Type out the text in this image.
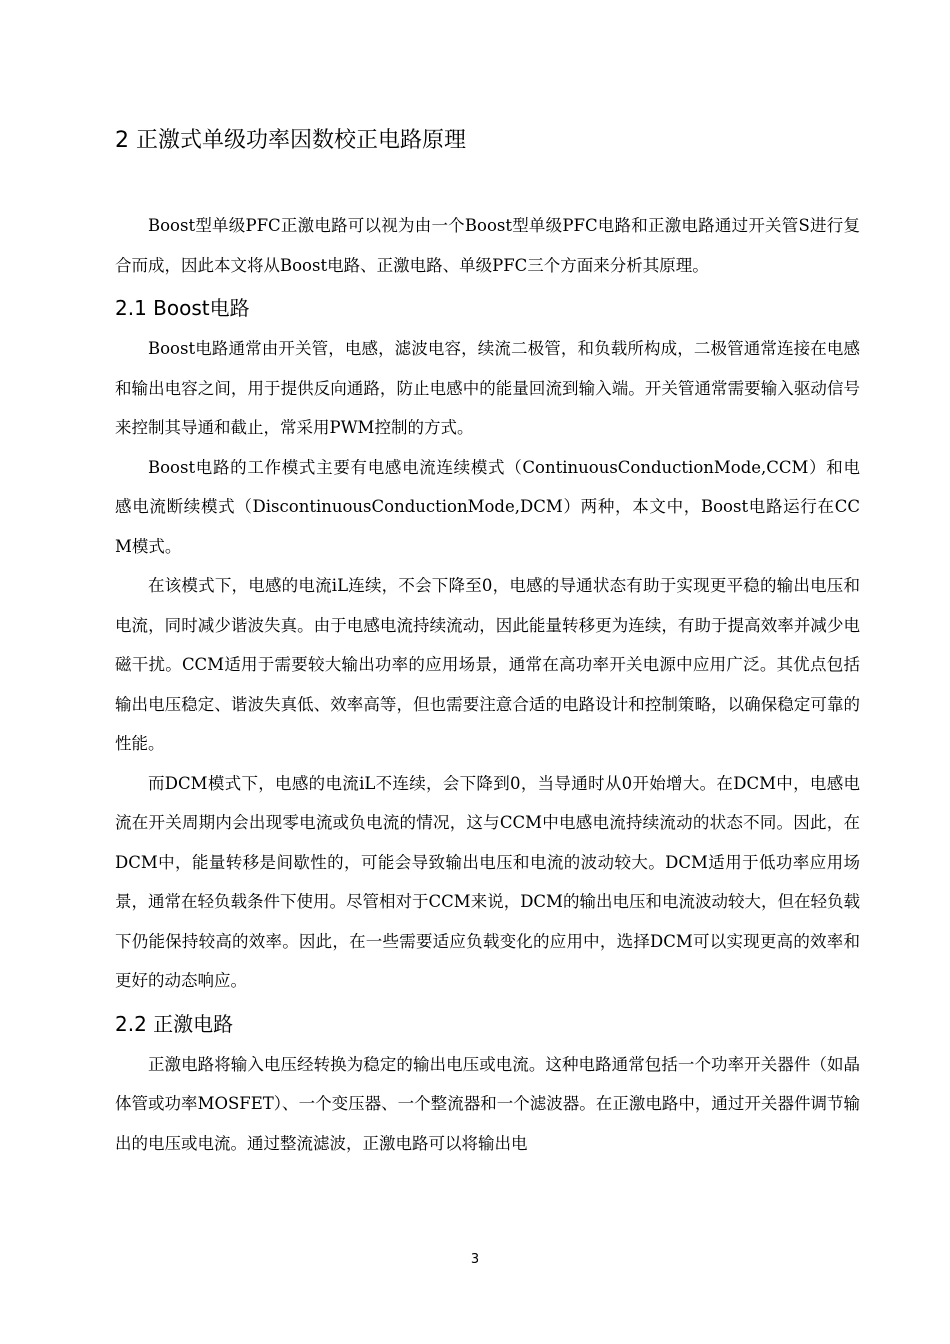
2 正激式单级功率因数校正电路原理

Boost型单级PFC正激电路可以视为由一个Boost型单级PFC电路和正激电路通过开关管S进行复合而成，因此本文将从Boost电路、正激电路、单级PFC三个方面来分析其原理。

2.1 Boost电路

Boost电路通常由开关管，电感，滤波电容，续流二极管，和负载所构成，二极管通常连接在电感和输出电容之间，用于提供反向通路，防止电感中的能量回流到输入端。开关管通常需要输入驱动信号来控制其导通和截止，常采用PWM控制的方式。

Boost电路的工作模式主要有电感电流连续模式（ContinuousConductionMode,CCM）和电感电流断续模式（DiscontinuousConductionMode,DCM）两种，本文中，Boost电路运行在CCM模式。

在该模式下，电感的电流iL连续，不会下降至0，电感的导通状态有助于实现更平稳的输出电压和电流，同时减少谐波失真。由于电感电流持续流动，因此能量转移更为连续，有助于提高效率并减少电磁干扰。CCM适用于需要较大输出功率的应用场景，通常在高功率开关电源中应用广泛。其优点包括输出电压稳定、谐波失真低、效率高等，但也需要注意合适的电路设计和控制策略，以确保稳定可靠的性能。

而DCM模式下，电感的电流iL不连续，会下降到0，当导通时从0开始增大。在DCM中，电感电流在开关周期内会出现零电流或负电流的情况，这与CCM中电感电流持续流动的状态不同。因此，在DCM中，能量转移是间歇性的，可能会导致输出电压和电流的波动较大。DCM适用于低功率应用场景，通常在轻负载条件下使用。尽管相对于CCM来说，DCM的输出电压和电流波动较大，但在轻负载下仍能保持较高的效率。因此，在一些需要适应负载变化的应用中，选择DCM可以实现更高的效率和更好的动态响应。

2.2 正激电路

正激电路将输入电压经转换为稳定的输出电压或电流。这种电路通常包括一个功率开关器件（如晶体管或功率MOSFET）、一个变压器、一个整流器和一个滤波器。在正激电路中，通过开关器件调节输出的电压或电流。通过整流滤波，正激电路可以将输出电

3
